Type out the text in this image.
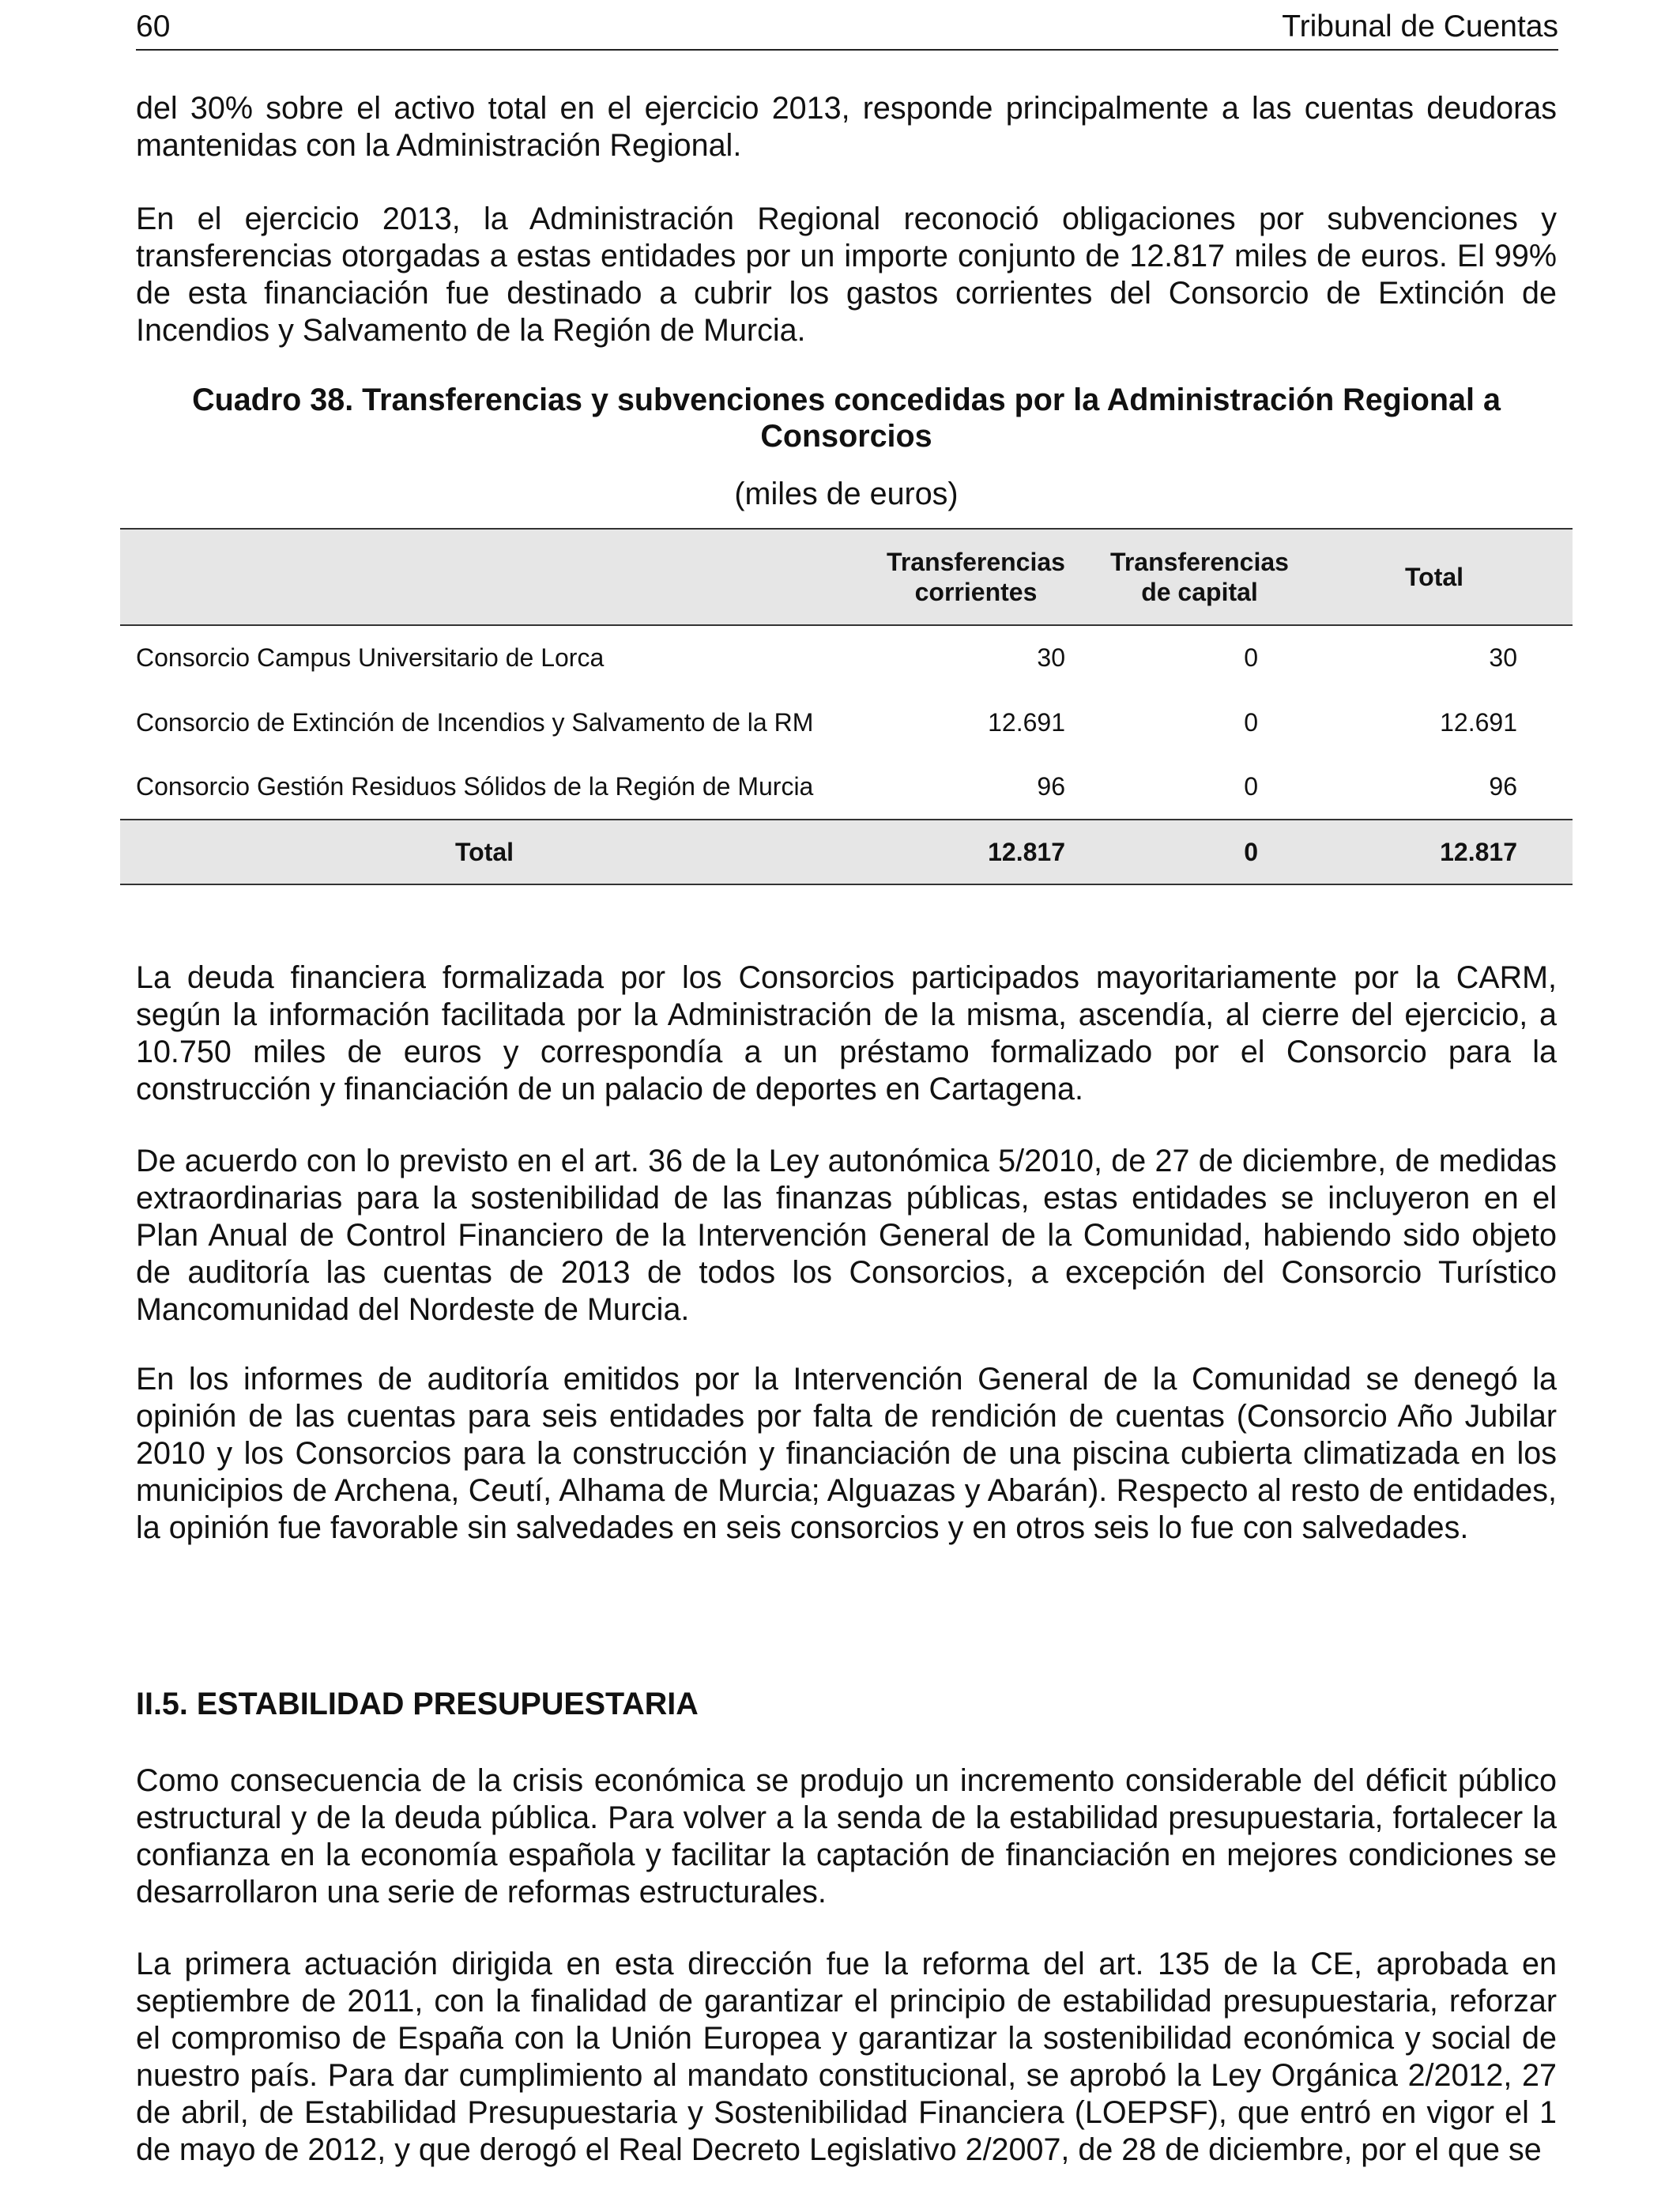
60	Tribunal de Cuentas

del 30% sobre el activo total en el ejercicio 2013, responde principalmente a las cuentas deudoras mantenidas con la Administración Regional.

En el ejercicio 2013, la Administración Regional reconoció obligaciones por subvenciones y transferencias otorgadas a estas entidades por un importe conjunto de 12.817 miles de euros. El 99% de esta financiación fue destinado a cubrir los gastos corrientes del Consorcio de Extinción de Incendios y Salvamento de la Región de Murcia.

Cuadro 38. Transferencias y subvenciones concedidas por la Administración Regional a Consorcios

(miles de euros)

	Transferencias corrientes	Transferencias de capital	Total
Consorcio Campus Universitario de Lorca	30	0	30
Consorcio de Extinción de Incendios y Salvamento de la RM	12.691	0	12.691
Consorcio Gestión Residuos Sólidos de la Región de Murcia	96	0	96
Total	12.817	0	12.817

La deuda financiera formalizada por los Consorcios participados mayoritariamente por la CARM, según la información facilitada por la Administración de la misma, ascendía, al cierre del ejercicio, a 10.750 miles de euros y correspondía a un préstamo formalizado por el Consorcio para la construcción y financiación de un palacio de deportes en Cartagena.

De acuerdo con lo previsto en el art. 36 de la Ley autonómica 5/2010, de 27 de diciembre, de medidas extraordinarias para la sostenibilidad de las finanzas públicas, estas entidades se incluyeron en el Plan Anual de Control Financiero de la Intervención General de la Comunidad, habiendo sido objeto de auditoría las cuentas de 2013 de todos los Consorcios, a excepción del Consorcio Turístico Mancomunidad del Nordeste de Murcia.

En los informes de auditoría emitidos por la Intervención General de la Comunidad se denegó la opinión de las cuentas para seis entidades por falta de rendición de cuentas (Consorcio Año Jubilar 2010 y los Consorcios para la construcción y financiación de una piscina cubierta climatizada en los municipios de Archena, Ceutí, Alhama de Murcia; Alguazas y Abarán). Respecto al resto de entidades, la opinión fue favorable sin salvedades en seis consorcios y en otros seis lo fue con salvedades.

II.5. ESTABILIDAD PRESUPUESTARIA

Como consecuencia de la crisis económica se produjo un incremento considerable del déficit público estructural y de la deuda pública. Para volver a la senda de la estabilidad presupuestaria, fortalecer la confianza en la economía española y facilitar la captación de financiación en mejores condiciones se desarrollaron una serie de reformas estructurales.

La primera actuación dirigida en esta dirección fue la reforma del art. 135 de la CE, aprobada en septiembre de 2011, con la finalidad de garantizar el principio de estabilidad presupuestaria, reforzar el compromiso de España con la Unión Europea y garantizar la sostenibilidad económica y social de nuestro país. Para dar cumplimiento al mandato constitucional, se aprobó la Ley Orgánica 2/2012, 27 de abril, de Estabilidad Presupuestaria y Sostenibilidad Financiera (LOEPSF), que entró en vigor el 1 de mayo de 2012, y que derogó el Real Decreto Legislativo 2/2007, de 28 de diciembre, por el que se
